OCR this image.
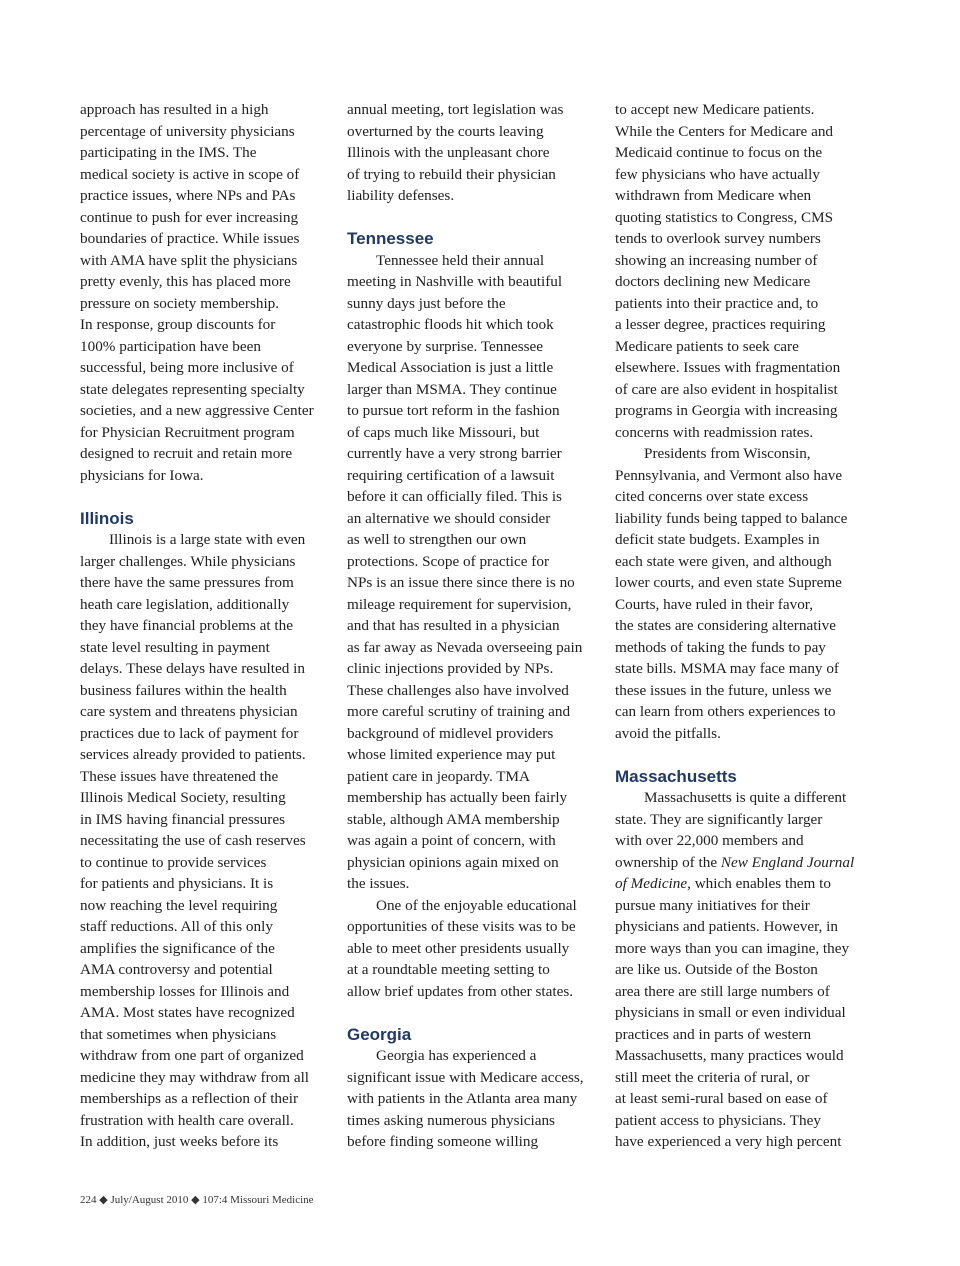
approach has resulted in a high
percentage of university physicians
participating in the IMS. The
medical society is active in scope of
practice issues, where NPs and PAs
continue to push for ever increasing
boundaries of practice. While issues
with AMA have split the physicians
pretty evenly, this has placed more
pressure on society membership.
In response, group discounts for
100% participation have been
successful, being more inclusive of
state delegates representing specialty
societies, and a new aggressive Center
for Physician Recruitment program
designed to recruit and retain more
physicians for Iowa.
Illinois
Illinois is a large state with even
larger challenges. While physicians
there have the same pressures from
heath care legislation, additionally
they have financial problems at the
state level resulting in payment
delays. These delays have resulted in
business failures within the health
care system and threatens physician
practices due to lack of payment for
services already provided to patients.
These issues have threatened the
Illinois Medical Society, resulting
in IMS having financial pressures
necessitating the use of cash reserves
to continue to provide services
for patients and physicians. It is
now reaching the level requiring
staff reductions. All of this only
amplifies the significance of the
AMA controversy and potential
membership losses for Illinois and
AMA. Most states have recognized
that sometimes when physicians
withdraw from one part of organized
medicine they may withdraw from all
memberships as a reflection of their
frustration with health care overall.
In addition, just weeks before its
annual meeting, tort legislation was
overturned by the courts leaving
Illinois with the unpleasant chore
of trying to rebuild their physician
liability defenses.
Tennessee
Tennessee held their annual
meeting in Nashville with beautiful
sunny days just before the
catastrophic floods hit which took
everyone by surprise. Tennessee
Medical Association is just a little
larger than MSMA. They continue
to pursue tort reform in the fashion
of caps much like Missouri, but
currently have a very strong barrier
requiring certification of a lawsuit
before it can officially filed. This is
an alternative we should consider
as well to strengthen our own
protections. Scope of practice for
NPs is an issue there since there is no
mileage requirement for supervision,
and that has resulted in a physician
as far away as Nevada overseeing pain
clinic injections provided by NPs.
These challenges also have involved
more careful scrutiny of training and
background of midlevel providers
whose limited experience may put
patient care in jeopardy. TMA
membership has actually been fairly
stable, although AMA membership
was again a point of concern, with
physician opinions again mixed on
the issues.
One of the enjoyable educational
opportunities of these visits was to be
able to meet other presidents usually
at a roundtable meeting setting to
allow brief updates from other states.
Georgia
Georgia has experienced a
significant issue with Medicare access,
with patients in the Atlanta area many
times asking numerous physicians
before finding someone willing
to accept new Medicare patients.
While the Centers for Medicare and
Medicaid continue to focus on the
few physicians who have actually
withdrawn from Medicare when
quoting statistics to Congress, CMS
tends to overlook survey numbers
showing an increasing number of
doctors declining new Medicare
patients into their practice and, to
a lesser degree, practices requiring
Medicare patients to seek care
elsewhere. Issues with fragmentation
of care are also evident in hospitalist
programs in Georgia with increasing
concerns with readmission rates.
Presidents from Wisconsin,
Pennsylvania, and Vermont also have
cited concerns over state excess
liability funds being tapped to balance
deficit state budgets. Examples in
each state were given, and although
lower courts, and even state Supreme
Courts, have ruled in their favor,
the states are considering alternative
methods of taking the funds to pay
state bills. MSMA may face many of
these issues in the future, unless we
can learn from others experiences to
avoid the pitfalls.
Massachusetts
Massachusetts is quite a different
state. They are significantly larger
with over 22,000 members and
ownership of the New England Journal
of Medicine, which enables them to
pursue many initiatives for their
physicians and patients. However, in
more ways than you can imagine, they
are like us. Outside of the Boston
area there are still large numbers of
physicians in small or even individual
practices and in parts of western
Massachusetts, many practices would
still meet the criteria of rural, or
at least semi-rural based on ease of
patient access to physicians. They
have experienced a very high percent
224 ◆ July/August 2010 ◆ 107:4 Missouri Medicine
